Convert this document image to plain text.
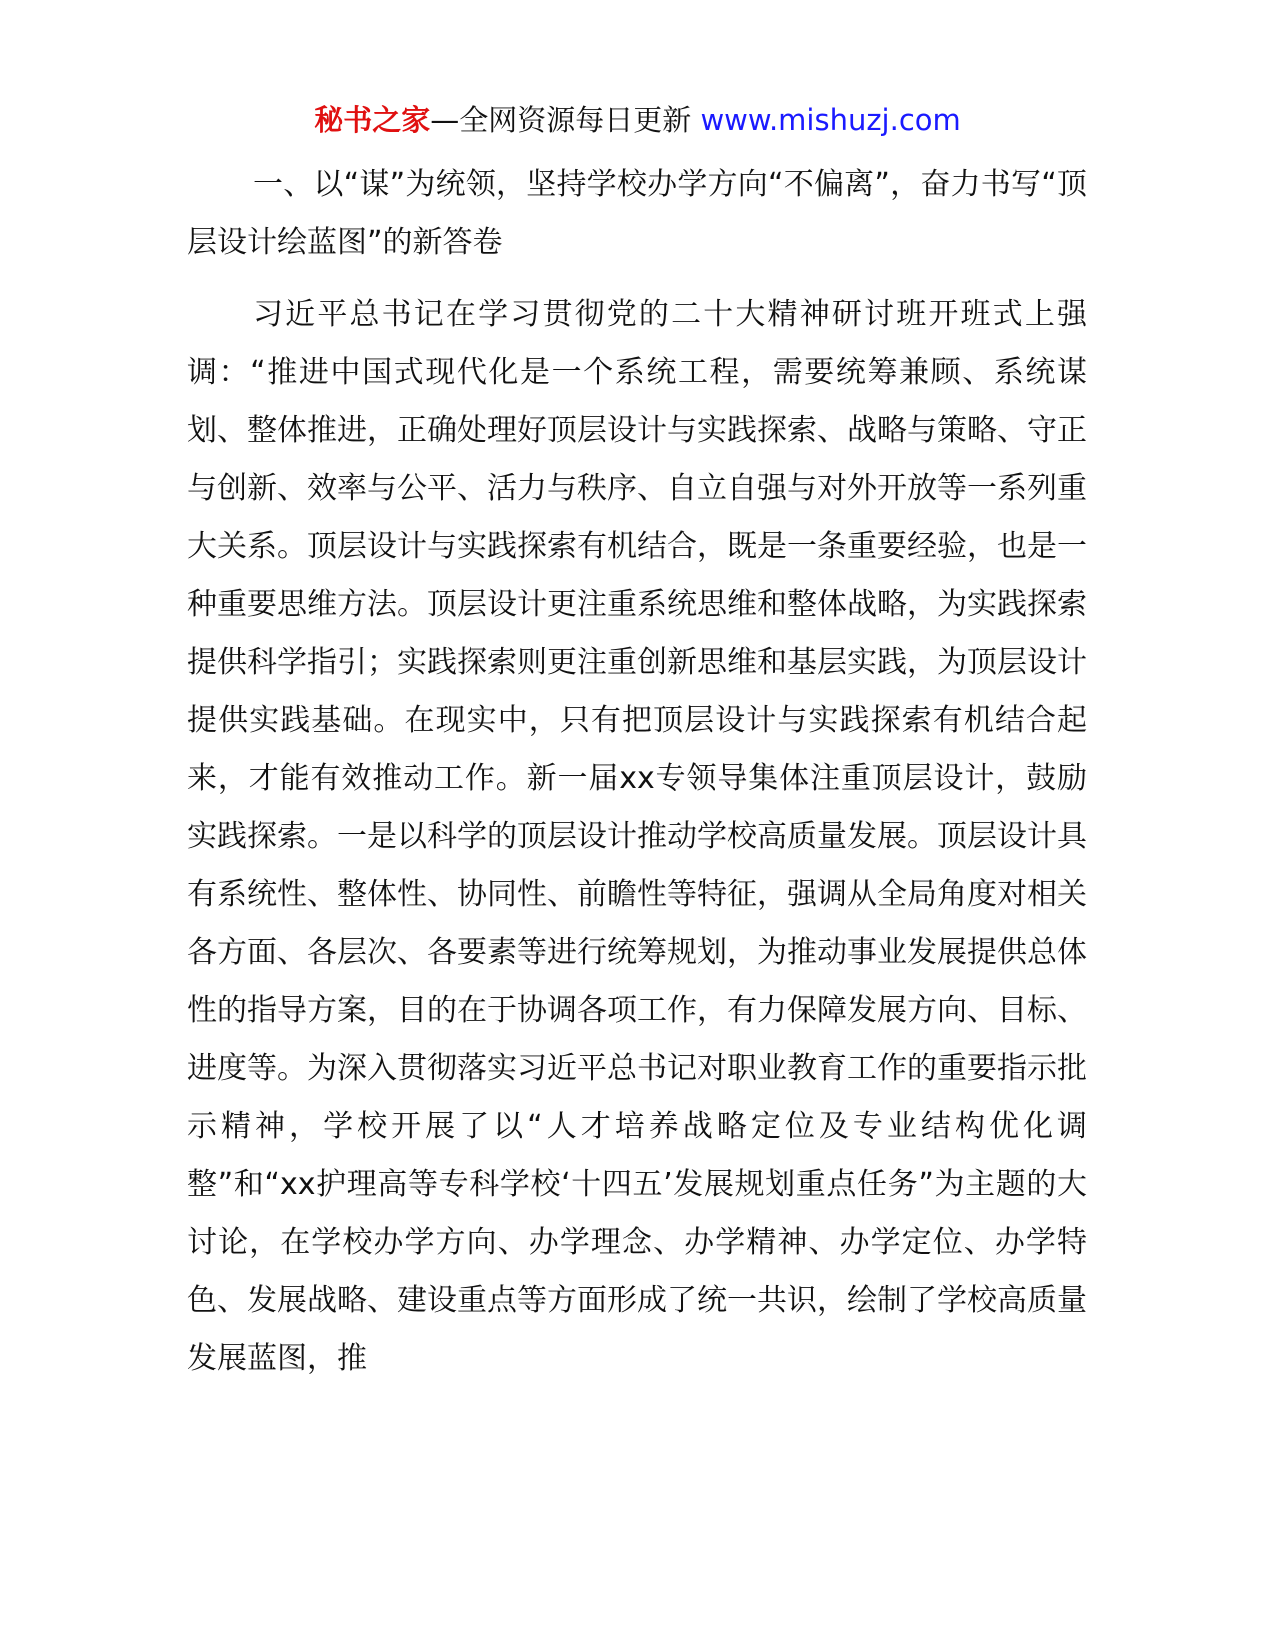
秘书之家—全网资源每日更新 www.mishuzj.com

一、以“谋”为统领，坚持学校办学方向“不偏离”，奋力书写“顶层设计绘蓝图”的新答卷

习近平总书记在学习贯彻党的二十大精神研讨班开班式上强调：“推进中国式现代化是一个系统工程，需要统筹兼顾、系统谋划、整体推进，正确处理好顶层设计与实践探索、战略与策略、守正与创新、效率与公平、活力与秩序、自立自强与对外开放等一系列重大关系。顶层设计与实践探索有机结合，既是一条重要经验，也是一种重要思维方法。顶层设计更注重系统思维和整体战略，为实践探索提供科学指引；实践探索则更注重创新思维和基层实践，为顶层设计提供实践基础。在现实中，只有把顶层设计与实践探索有机结合起来，才能有效推动工作。新一届xx专领导集体注重顶层设计，鼓励实践探索。一是以科学的顶层设计推动学校高质量发展。顶层设计具有系统性、整体性、协同性、前瞻性等特征，强调从全局角度对相关各方面、各层次、各要素等进行统筹规划，为推动事业发展提供总体性的指导方案，目的在于协调各项工作，有力保障发展方向、目标、进度等。为深入贯彻落实习近平总书记对职业教育工作的重要指示批示精神，学校开展了以“人才培养战略定位及专业结构优化调整”和“xx护理高等专科学校‘十四五’发展规划重点任务”为主题的大讨论，在学校办学方向、办学理念、办学精神、办学定位、办学特色、发展战略、建设重点等方面形成了统一共识，绘制了学校高质量发展蓝图，推
